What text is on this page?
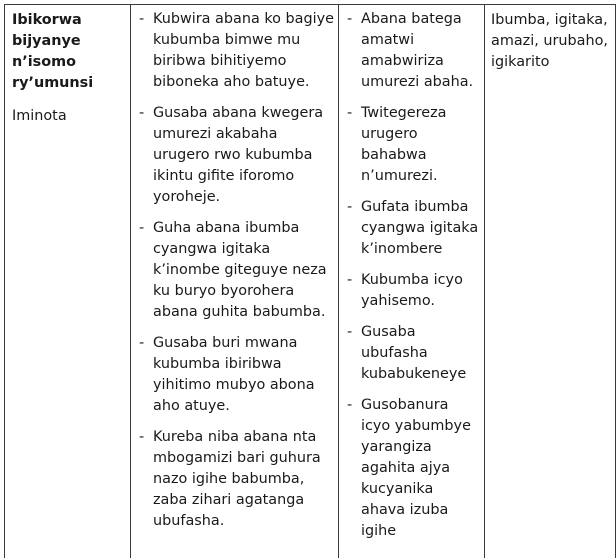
Ibikorwa bijyanye n’isomo ry’umunsi
Iminota

- Kubwira abana ko bagiye kubumba bimwe mu biribwa bihitiyemo biboneka aho batuye.
- Gusaba abana kwegera umurezi akabaha urugero rwo kubumba ikintu gifite iforomo yoroheje.
- Guha abana ibumba cyangwa igitaka k’inombe giteguye neza ku buryo byorohera abana guhita babumba.
- Gusaba buri mwana kubumba ibiribwa yihitimo mubyo abona aho atuye.
- Kureba niba abana nta mbogamizi bari guhura nazo igihe babumba, zaba zihari agatanga ubufasha.

- Abana batega amatwi amabwiriza umurezi abaha.
- Twitegereza urugero bahabwa n’umurezi.
- Gufata ibumba cyangwa igitaka k’inombere
- Kubumba icyo yahisemo.
- Gusaba ubufasha kubabukeneye
- Gusobanura icyo yabumbye yarangiza agahita ajya kucyanika ahava izuba igihe

Ibumba, igitaka, amazi, urubaho, igikarito
